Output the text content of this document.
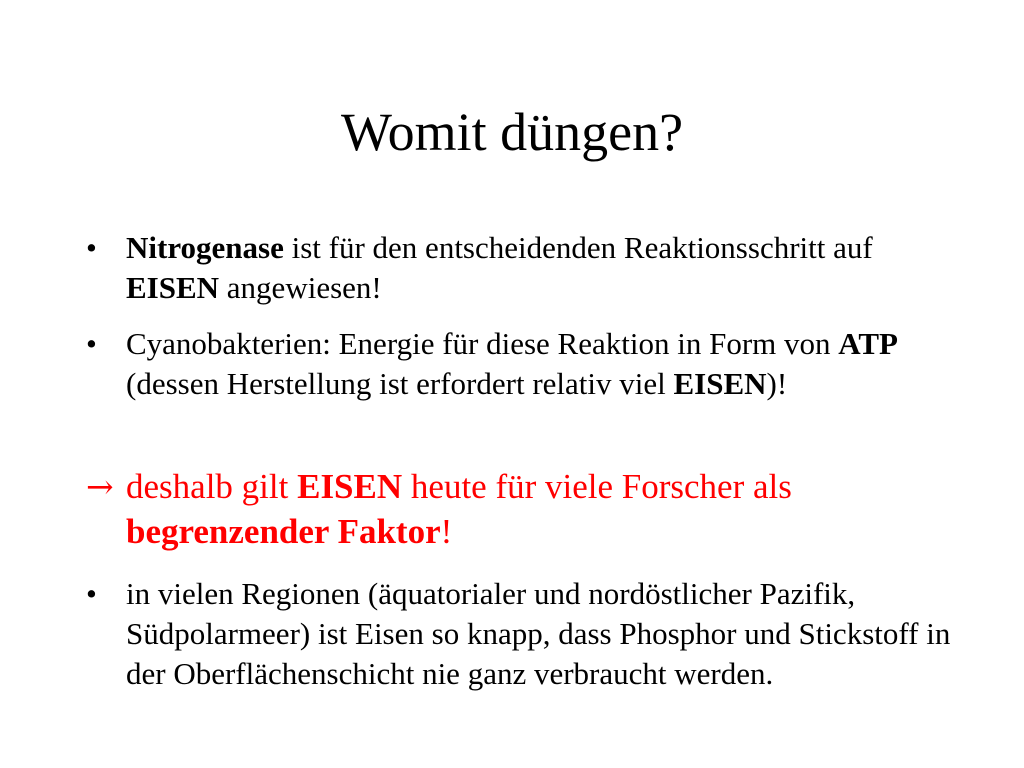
Womit düngen?
• Nitrogenase ist für den entscheidenden Reaktionsschritt auf EISEN angewiesen!
• Cyanobakterien: Energie für diese Reaktion in Form von ATP (dessen Herstellung ist erfordert relativ viel EISEN)!
→ deshalb gilt EISEN heute für viele Forscher als begrenzender Faktor!
• in vielen Regionen (äquatorialer und nordöstlicher Pazifik, Südpolarmeer) ist Eisen so knapp, dass Phosphor und Stickstoff in der Oberflächenschicht nie ganz verbraucht werden.
